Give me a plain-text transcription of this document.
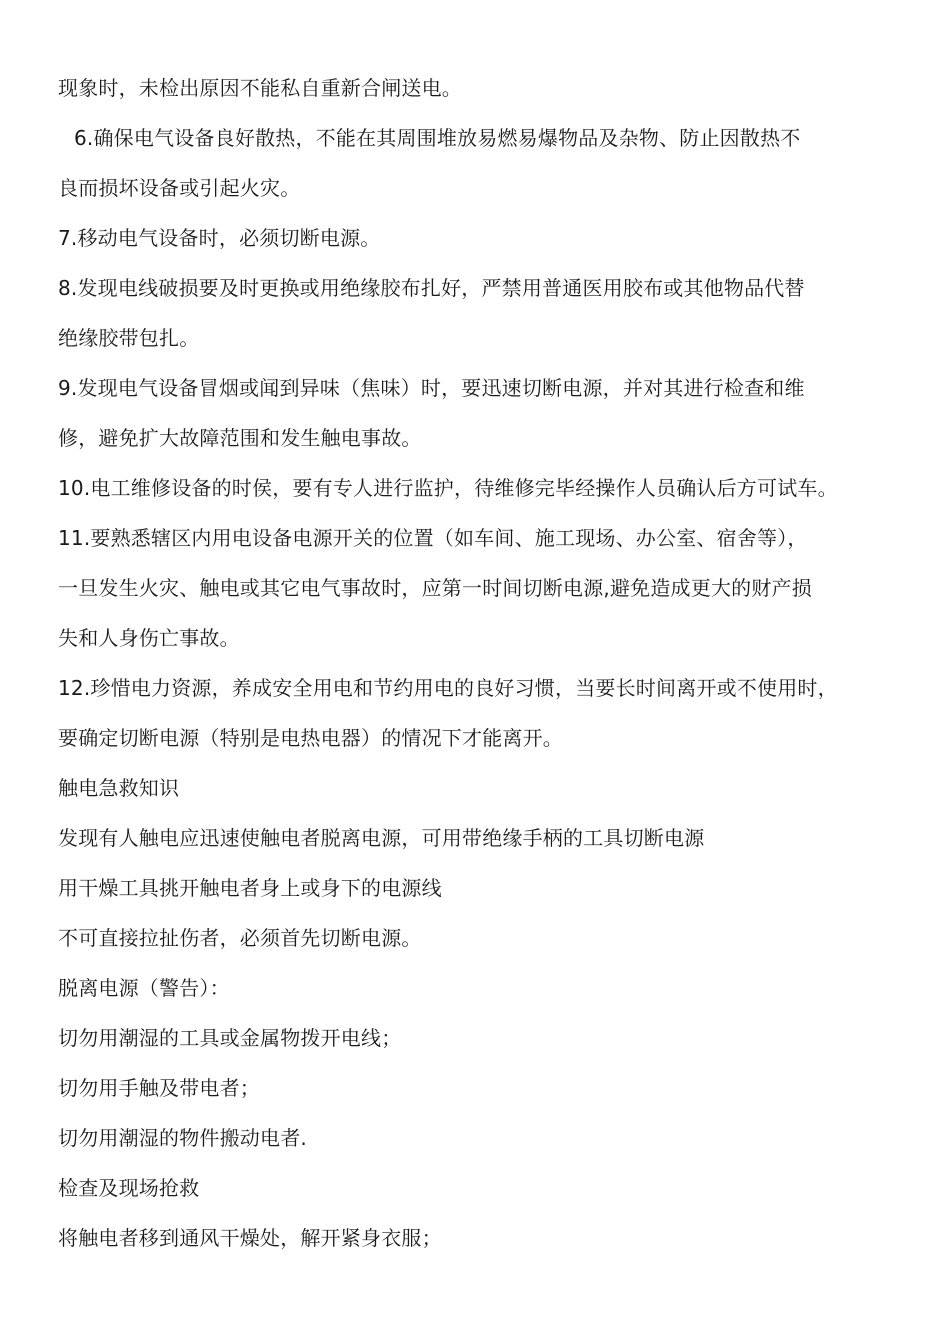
现象时，未检出原因不能私自重新合闸送电。

6.确保电气设备良好散热，不能在其周围堆放易燃易爆物品及杂物、防止因散热不

良而损坏设备或引起火灾。

7.移动电气设备时，必须切断电源。

8.发现电线破损要及时更换或用绝缘胶布扎好，严禁用普通医用胶布或其他物品代替

绝缘胶带包扎。

9.发现电气设备冒烟或闻到异味（焦味）时，要迅速切断电源，并对其进行检查和维

修，避免扩大故障范围和发生触电事故。

10.电工维修设备的时侯，要有专人进行监护，待维修完毕经操作人员确认后方可试车。

11.要熟悉辖区内用电设备电源开关的位置（如车间、施工现场、办公室、宿舍等），

一旦发生火灾、触电或其它电气事故时，应第一时间切断电源,避免造成更大的财产损

失和人身伤亡事故。

12.珍惜电力资源，养成安全用电和节约用电的良好习惯，当要长时间离开或不使用时，

要确定切断电源（特别是电热电器）的情况下才能离开。

触电急救知识

发现有人触电应迅速使触电者脱离电源，可用带绝缘手柄的工具切断电源

用干燥工具挑开触电者身上或身下的电源线

不可直接拉扯伤者，必须首先切断电源。

脱离电源（警告）：

切勿用潮湿的工具或金属物拨开电线；

切勿用手触及带电者；

切勿用潮湿的物件搬动电者.

检查及现场抢救

将触电者移到通风干燥处，解开紧身衣服；
